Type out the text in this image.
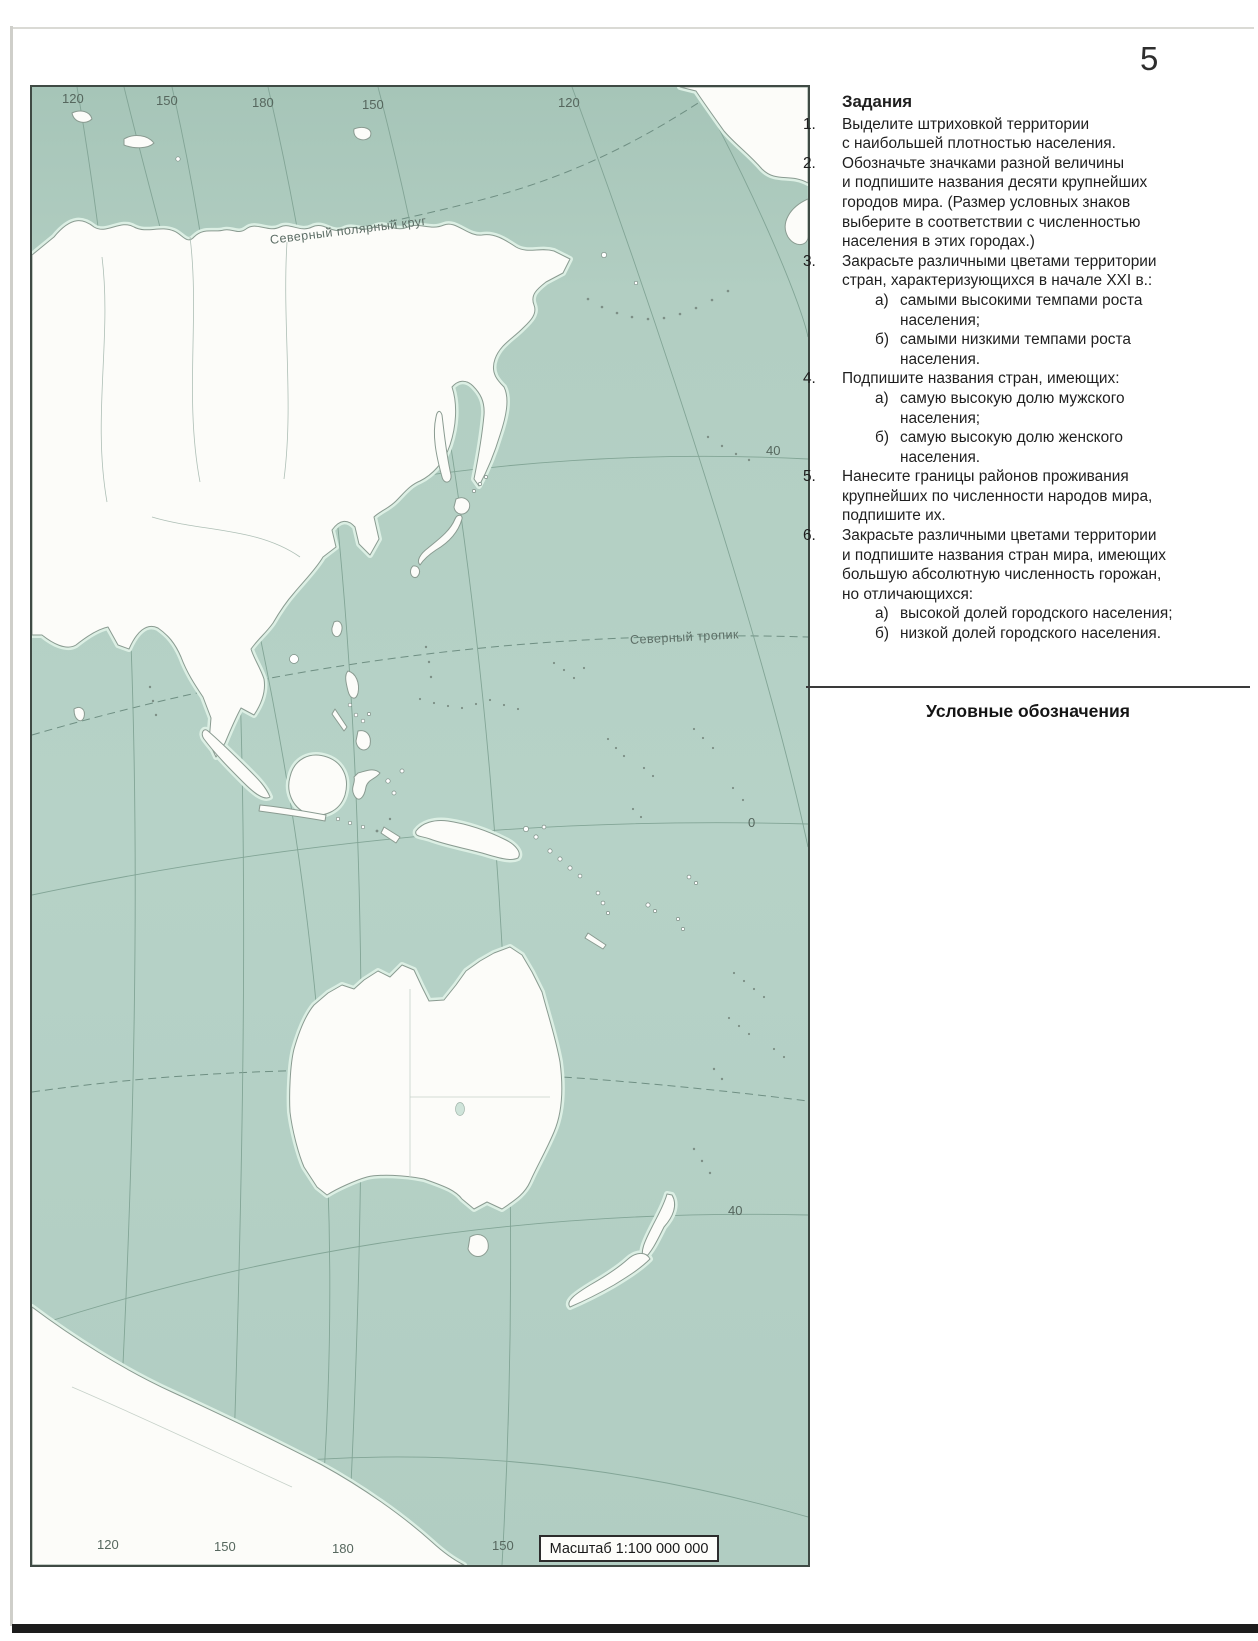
5
120	150	180	150	120
120	150	180	150
40
0
40
Северный полярный круг
Северный тропик
Масштаб 1:100 000 000
Задания
1.	Выделите штриховкой территории
с наибольшей плотностью населения.
2.	Обозначьте значками разной величины
и подпишите названия десяти крупнейших
городов мира. (Размер условных знаков
выберите в соответствии с численностью
населения в этих городах.)
3.	Закрасьте различными цветами территории
стран, характеризующихся в начале XXI в.:
а) самыми высокими темпами роста
населения;
б) самыми низкими темпами роста
населения.
4.	Подпишите названия стран, имеющих:
а) самую высокую долю мужского
населения;
б) самую высокую долю женского
населения.
5.	Нанесите границы районов проживания
крупнейших по численности народов мира,
подпишите их.
6.	Закрасьте различными цветами территории
и подпишите названия стран мира, имеющих
большую абсолютную численность горожан,
но отличающихся:
а) высокой долей городского населения;
б) низкой долей городского населения.
Условные обозначения
